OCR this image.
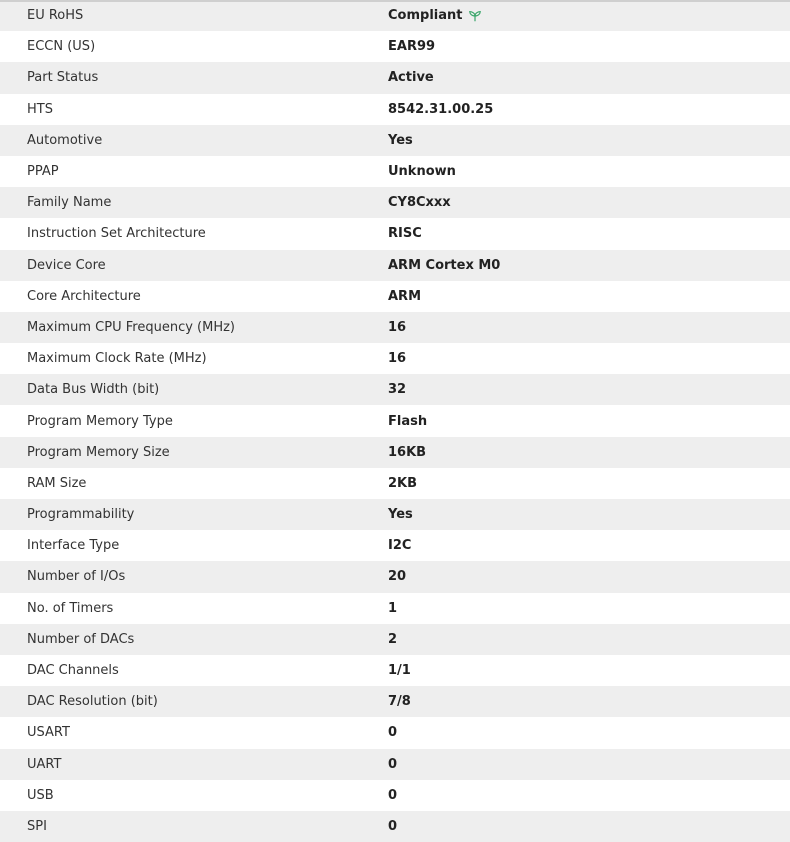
EU RoHS	Compliant
ECCN (US)	EAR99
Part Status	Active
HTS	8542.31.00.25
Automotive	Yes
PPAP	Unknown
Family Name	CY8Cxxx
Instruction Set Architecture	RISC
Device Core	ARM Cortex M0
Core Architecture	ARM
Maximum CPU Frequency (MHz)	16
Maximum Clock Rate (MHz)	16
Data Bus Width (bit)	32
Program Memory Type	Flash
Program Memory Size	16KB
RAM Size	2KB
Programmability	Yes
Interface Type	I2C
Number of I/Os	20
No. of Timers	1
Number of DACs	2
DAC Channels	1/1
DAC Resolution (bit)	7/8
USART	0
UART	0
USB	0
SPI	0
